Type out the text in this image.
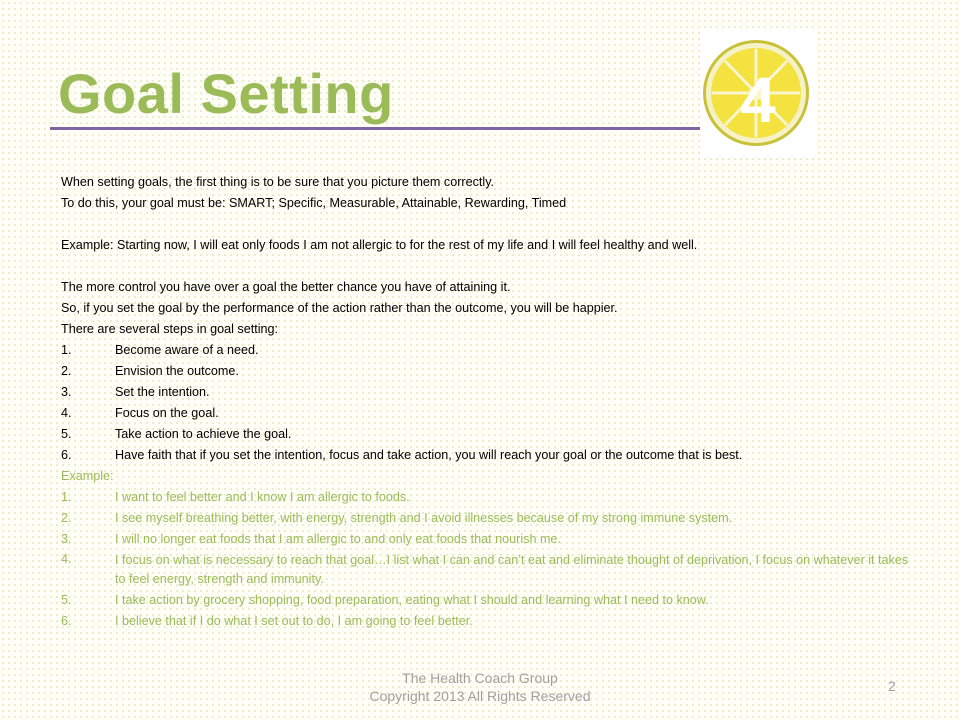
Goal Setting	4

When setting goals, the first thing is to be sure that you picture them correctly.

To do this, your goal must be: SMART; Specific, Measurable, Attainable, Rewarding, Timed

Example: Starting now, I will eat only foods I am not allergic to for the rest of my life and I will feel healthy and well.

The more control you have over a goal the better chance you have of attaining it.

So, if you set the goal by the performance of the action rather than the outcome, you will be happier.

There are several steps in goal setting:

1.	Become aware of a need.
2.	Envision the outcome.
3.	Set the intention.
4.	Focus on the goal.
5.	Take action to achieve the goal.
6.	Have faith that if you set the intention, focus and take action, you will reach your goal or the outcome that is best.

Example:

1.	I want to feel better and I know I am allergic to foods.
2.	I see myself breathing better, with energy, strength and I avoid illnesses because of my strong immune system.
3.	I will no longer eat foods that I am allergic to and only eat foods that nourish me.
4.	I focus on what is necessary to reach that goal…I list what I can and can’t eat and eliminate thought of deprivation, I focus on whatever it takes to feel energy, strength and immunity.
5.	I take action by grocery shopping, food preparation, eating what I should and learning what I need to know.
6.	I believe that if I do what I set out to do, I am going to feel better.
The Health Coach Group
Copyright 2013 All Rights Reserved
2
